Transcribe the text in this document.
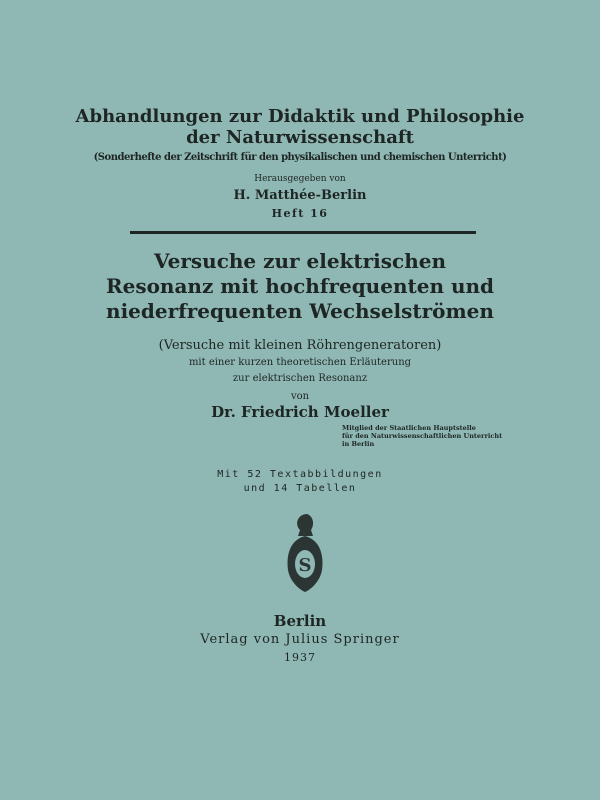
Abhandlungen zur Didaktik und Philosophie
der Naturwissenschaft
(Sonderhefte der Zeitschrift für den physikalischen und chemischen Unterricht)
Herausgegeben von
H. Matthée-Berlin
Heft 16
Versuche zur elektrischen
Resonanz mit hochfrequenten und
niederfrequenten Wechselströmen
(Versuche mit kleinen Röhrengeneratoren)
mit einer kurzen theoretischen Erläuterung
zur elektrischen Resonanz
von
Dr. Friedrich Moeller
Mitglied der Staatlichen Hauptstelle
für den Naturwissenschaftlichen Unterricht
in Berlin
Mit 52 Textabbildungen
und 14 Tabellen
S
Berlin
Verlag von Julius Springer
1937
